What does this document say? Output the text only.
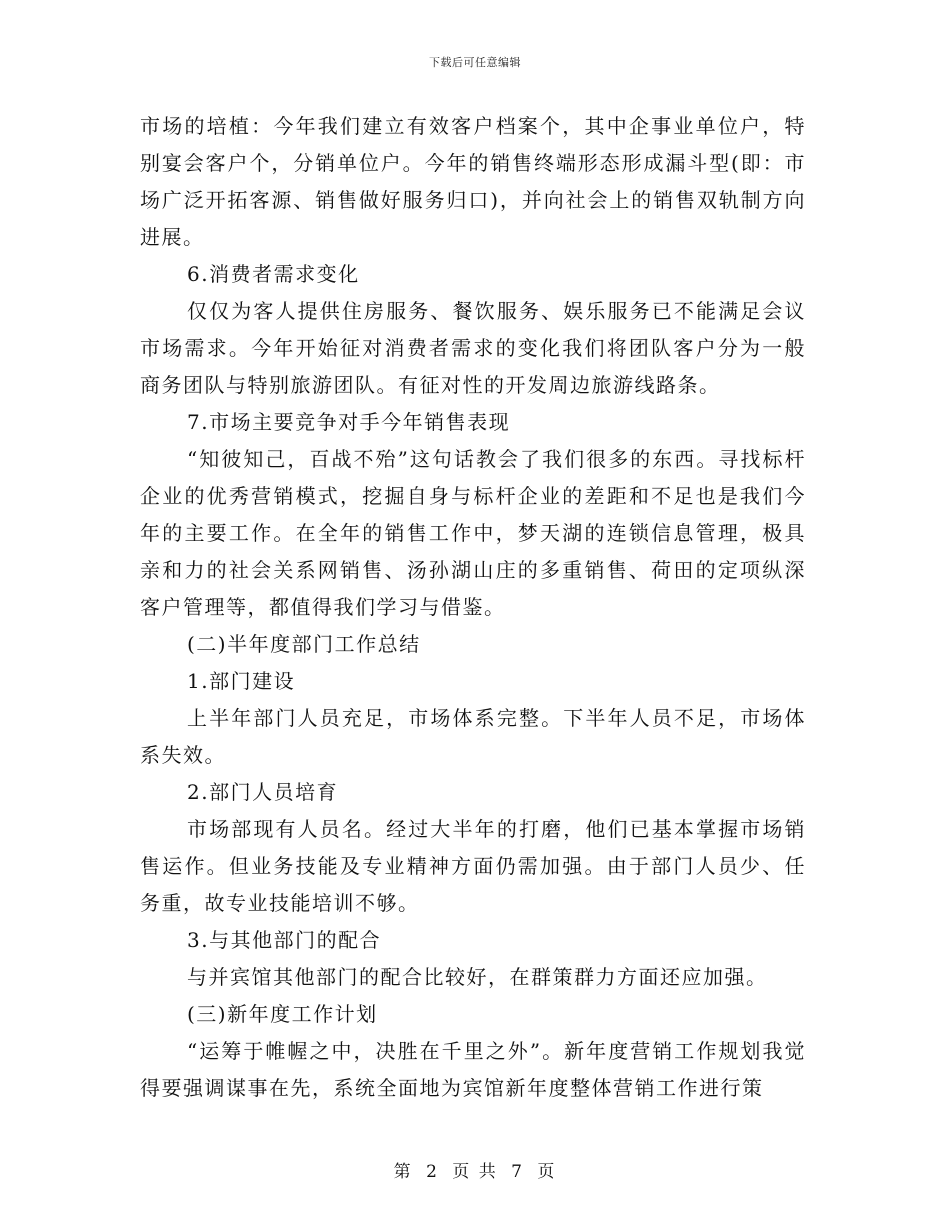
下载后可任意编辑

市场的培植：今年我们建立有效客户档案个，其中企事业单位户，特别宴会客户个，分销单位户。今年的销售终端形态形成漏斗型(即：市场广泛开拓客源、销售做好服务归口)，并向社会上的销售双轨制方向进展。

6.消费者需求变化

仅仅为客人提供住房服务、餐饮服务、娱乐服务已不能满足会议市场需求。今年开始征对消费者需求的变化我们将团队客户分为一般商务团队与特别旅游团队。有征对性的开发周边旅游线路条。

7.市场主要竞争对手今年销售表现

“知彼知己，百战不殆”这句话教会了我们很多的东西。寻找标杆企业的优秀营销模式，挖掘自身与标杆企业的差距和不足也是我们今年的主要工作。在全年的销售工作中，梦天湖的连锁信息管理，极具亲和力的社会关系网销售、汤孙湖山庄的多重销售、荷田的定项纵深客户管理等，都值得我们学习与借鉴。

(二)半年度部门工作总结

1.部门建设

上半年部门人员充足，市场体系完整。下半年人员不足，市场体系失效。

2.部门人员培育

市场部现有人员名。经过大半年的打磨，他们已基本掌握市场销售运作。但业务技能及专业精神方面仍需加强。由于部门人员少、任务重，故专业技能培训不够。

3.与其他部门的配合

与并宾馆其他部门的配合比较好，在群策群力方面还应加强。

(三)新年度工作计划

“运筹于帷幄之中，决胜在千里之外”。新年度营销工作规划我觉得要强调谋事在先，系统全面地为宾馆新年度整体营销工作进行策

第 2 页 共 7 页
